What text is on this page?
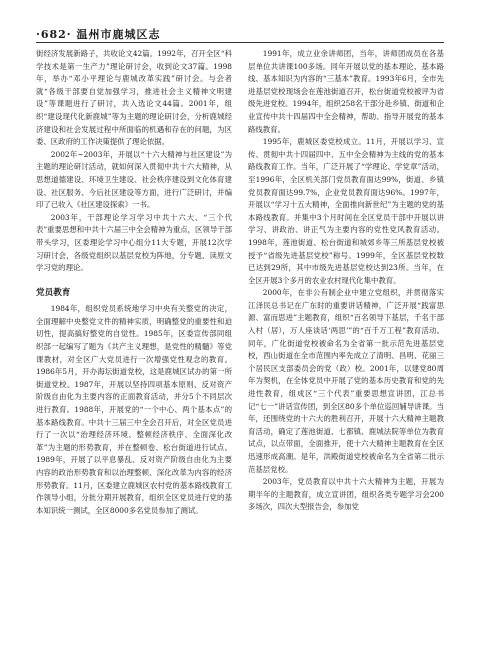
·682· 温州市鹿城区志

街经济发展新路子，共收论文42篇。1992年，召开全区“科学技术是第一生产力”理论研讨会，收到论文37篇。1998年，举办“邓小平理论与鹿城改革实践”研讨会。与会者就“各级干部要自觉加强学习，推进社会主义精神文明建设”等课题进行了研讨，共入选论文44篇。2001年，组织“建设现代化新鹿城”等为主题的理论研讨会，分析鹿城经济建设和社会发展过程中所面临的机遇和存在的问题，为区委、区政府的工作决策提供了理论依据。

2002年~2003年，开展以“十六大精神与社区建设”为主题的理论研讨活动，就如何深入贯彻中共十六大精神，从思想道德建设、环境卫生建设、社会秩序建设到文化体育建设、社区服务、今后社区建设等方面，进行广泛研讨，并编印了已收入《社区建设探索》一书。

2003年，干部理论学习学习中共十六大、“三个代表”重要思想和中共十六届三中全会精神为重点，区领导干部带头学习，区委理论学习中心组分11大专题，开展12次学习研讨会，各级党组织以基层党校为阵地，分专题、读原文学习党的理论。

党员教育

1984年，组织党员系统地学习中央有关整党的决定，全面理解中央整党文件的精神实质，明确整党的重要性和迫切性，提高搞好整党的自觉性。1985年，区委宣传部同组织部一起编写了题为《共产主义理想，是党性的精髓》等党课教材，对全区广大党员进行一次增强党性观念的教育。1986年5月，开办海坛街道党校，这是鹿城区试办的第一所街道党校。1987年，开展以坚持四项基本原则、反对资产阶级自由化为主要内容的正面教育活动，并分5个不同层次进行教育。1988年，开展党的“一个中心、两个基本点”的基本路线教育。中共十三届三中全会召开后，对全区党员进行了一次以“治理经济环境、整顿经济秩序、全面深化改革”为主题的形势教育，并在整顿卷、松台街道进行试点。1989年，开展了以平息暴乱、反对资产阶级自由化为主要内容的政治形势教育和以治理整顿、深化改革为内容的经济形势教育。11月，区委建立鹿城区农村党的基本路线教育工作领导小组，分批分期开展教育，组织全区党员进行党的基本知识统一测试，全区8000多名党员参加了测试。

1991年，成立业余讲师团，当年，讲师团成员在各基层单位共讲课100多场。同年开展以党的基本理论、基本路线、基本知识为内容的“三基本”教育。1993年6月，全市先进基层党校现场会在莲池街道召开，松台街道党校被评为省级先进党校。1994年，组织258名干部分赴乡镇、街道和企业宣传中共十四届四中全会精神，帮助、指导开展党的基本路线教育。

1995年，鹿城区委党校成立。11月，开展以学习、宣传、贯彻中共十四届四中、五中全会精神为主线的党的基本路线教育工作。当年，广泛开展了“学理论、学党章”活动，至1996年，全区机关部门党员教育面达99%，街道、乡镇党员教育面达99.7%，企业党员教育面达96%。1997年，开展以“学习十五大精神，全面推向新世纪”为主题的党的基本路线教育。并集中3个月时间在全区党员干部中开展以讲学习、讲政治、讲正气为主要内容的党性党风教育活动。1998年，莲池街道、松台街道和城郊乡等三所基层党校被授予“省级先进基层党校”称号。1999年，全区基层党校数已达到29所，其中市级先进基层党校达到23所。当年，在全区开展3个多月的农业农村现代化集中教育。

2000年，在非公有制企业中建立党组织，并贯彻落实江泽民总书记在广东时的重要讲话精神，广泛开展“践富思源、富而思进”主题教育，组织“百名领导下基层，千名干部入村（居），万人座谈话‘两思’”的“百千万工程”教育活动。同年，广化街道党校被命名为全省第一批示范先进基层党校，西山街道在全市范围内率先成立了清明、昌明、花丽三个居民区支部委员会的党（政）校。2001年，以建党80周年为契机，在全体党员中开展了党的基本历史教育和党的先进性教育，组成区“三个代表”重要思想宣讲团，江总书记“七一”讲话宣传团，到全区80多个单位巡回辅导讲课。当年，还围绕党的十六大的胜利召开，开展十六大精神主题教育活动，确定了莲池街道、七都镇、鹿城法院等单位为教育试点，以点带面，全面推开，使十六大精神主题教育在全区迅速形成高潮。是年，洪殿街道党校被命名为全省第二批示范基层党校。

2003年，党员教育以中共十六大精神为主题，开展为期半年的主题教育，成立宣讲团，组织各类专题学习会200多场次，四次大型报告会，参加党
